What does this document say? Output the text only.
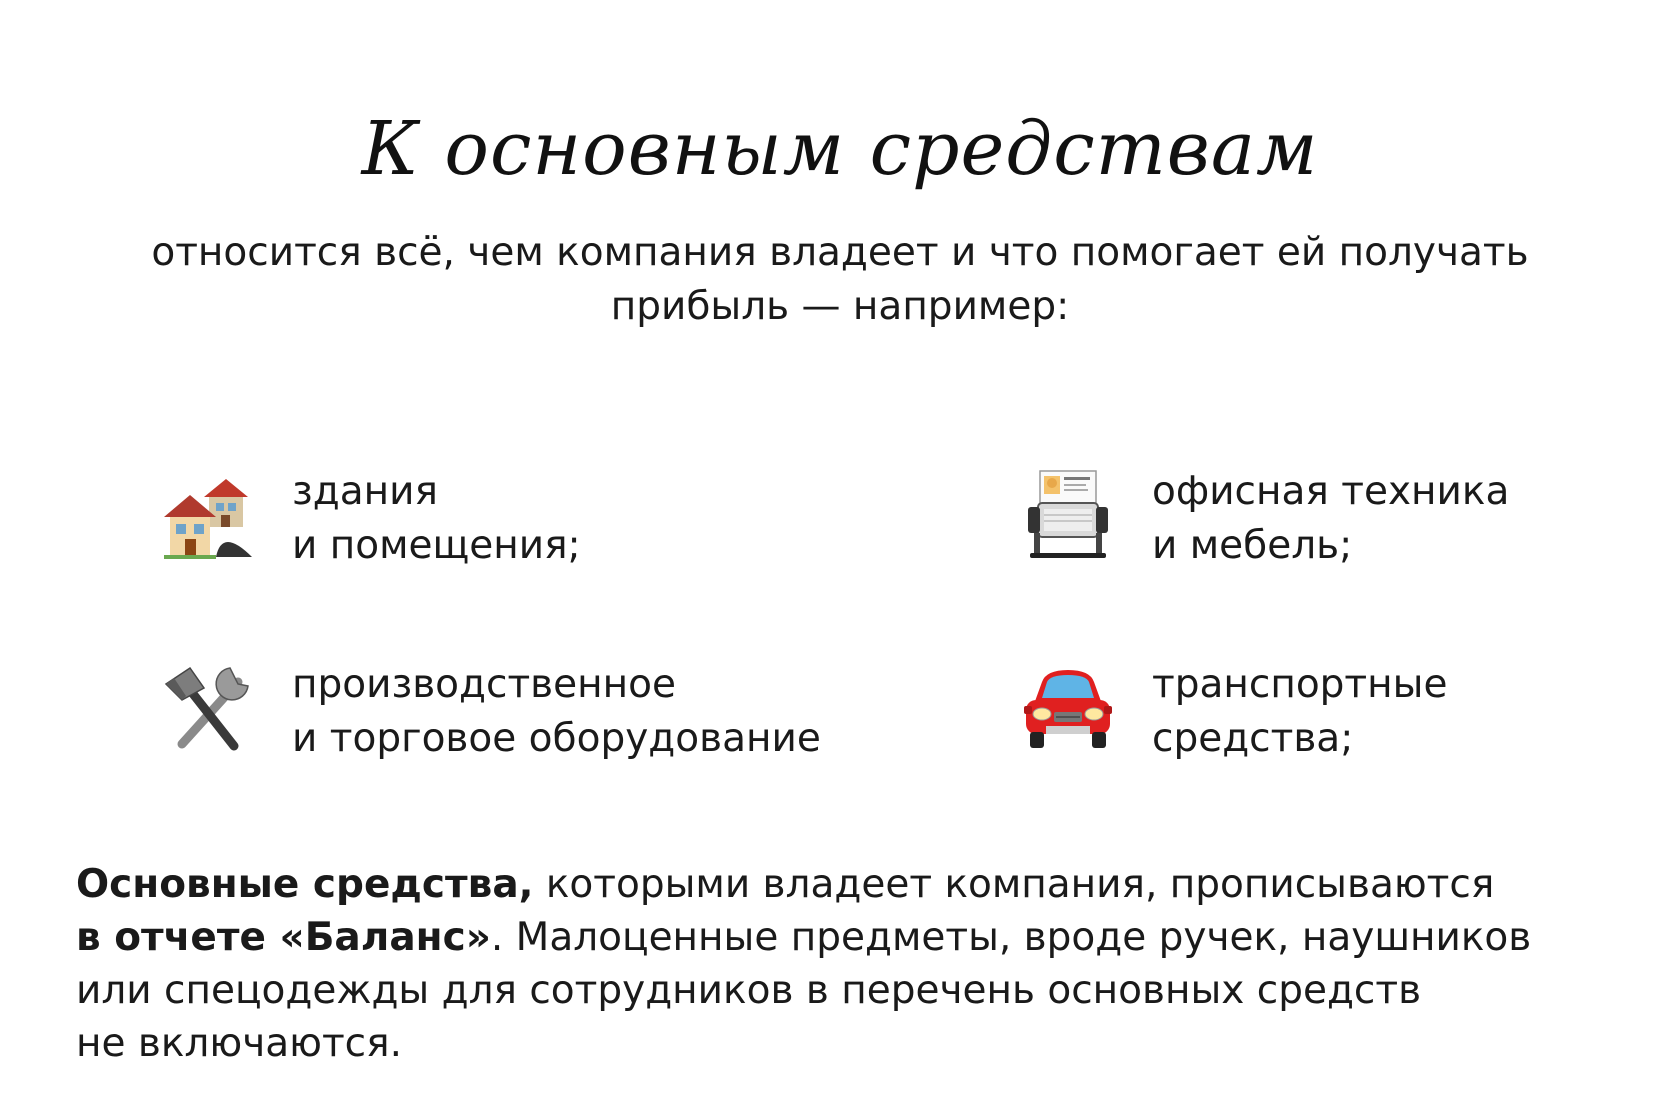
К основным средствам
относится всё, чем компания владеет и что помогает ей получать
прибыль — например:
здания
и помещения;
офисная техника
и мебель;
производственное
и торговое оборудование
транспортные
средства;
Основные средства, которыми владеет компания, прописываются
в отчете «Баланс». Малоценные предметы, вроде ручек, наушников
или спецодежды для сотрудников в перечень основных средств
не включаются.
